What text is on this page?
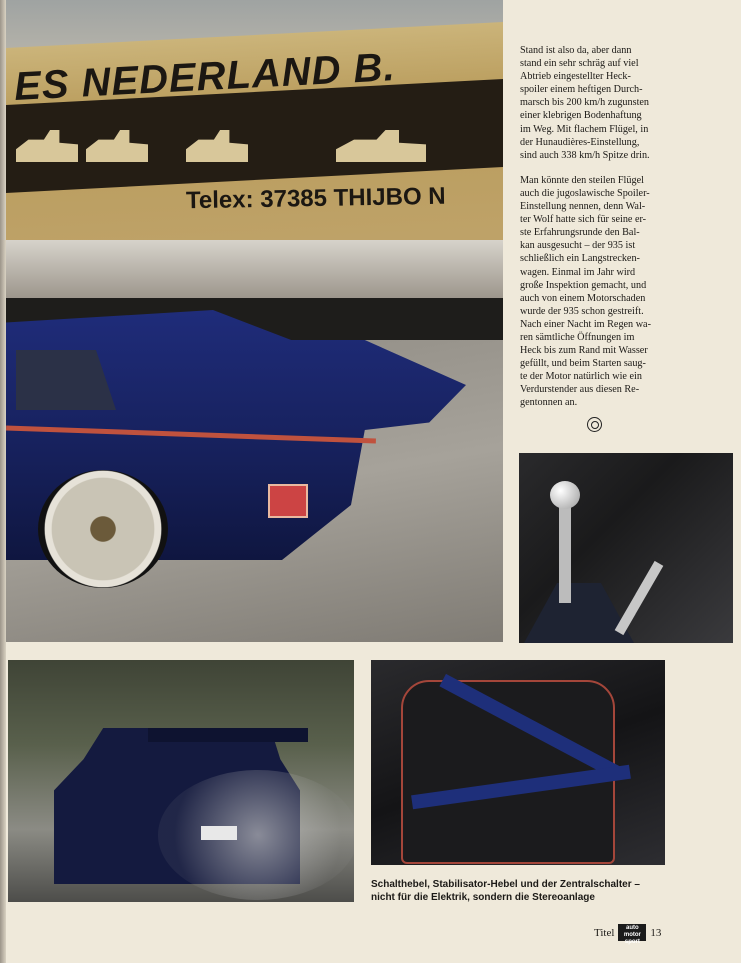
ES NEDERLAND B.
Telex: 37385 THIJBO N

Stand ist also da, aber dann
stand ein sehr schräg auf viel
Abtrieb eingestellter Heck-
spoiler einem heftigen Durch-
marsch bis 200 km/h zugunsten
einer klebrigen Bodenhaftung
im Weg. Mit flachem Flügel, in
der Hunaudières-Einstellung,
sind auch 338 km/h Spitze drin.

Man könnte den steilen Flügel
auch die jugoslawische Spoiler-
Einstellung nennen, denn Wal-
ter Wolf hatte sich für seine er-
ste Erfahrungsrunde den Bal-
kan ausgesucht – der 935 ist
schließlich ein Langstrecken-
wagen. Einmal im Jahr wird
große Inspektion gemacht, und
auch von einem Motorschaden
wurde der 935 schon gestreift.
Nach einer Nacht im Regen wa-
ren sämtliche Öffnungen im
Heck bis zum Rand mit Wasser
gefüllt, und beim Starten saug-
te der Motor natürlich wie ein
Verdurstender aus diesen Re-
gentonnen an.

Schalthebel, Stabilisator-Hebel und der Zentralschalter –
nicht für die Elektrik, sondern die Stereoanlage
Titel	auto
motor
sport
13
